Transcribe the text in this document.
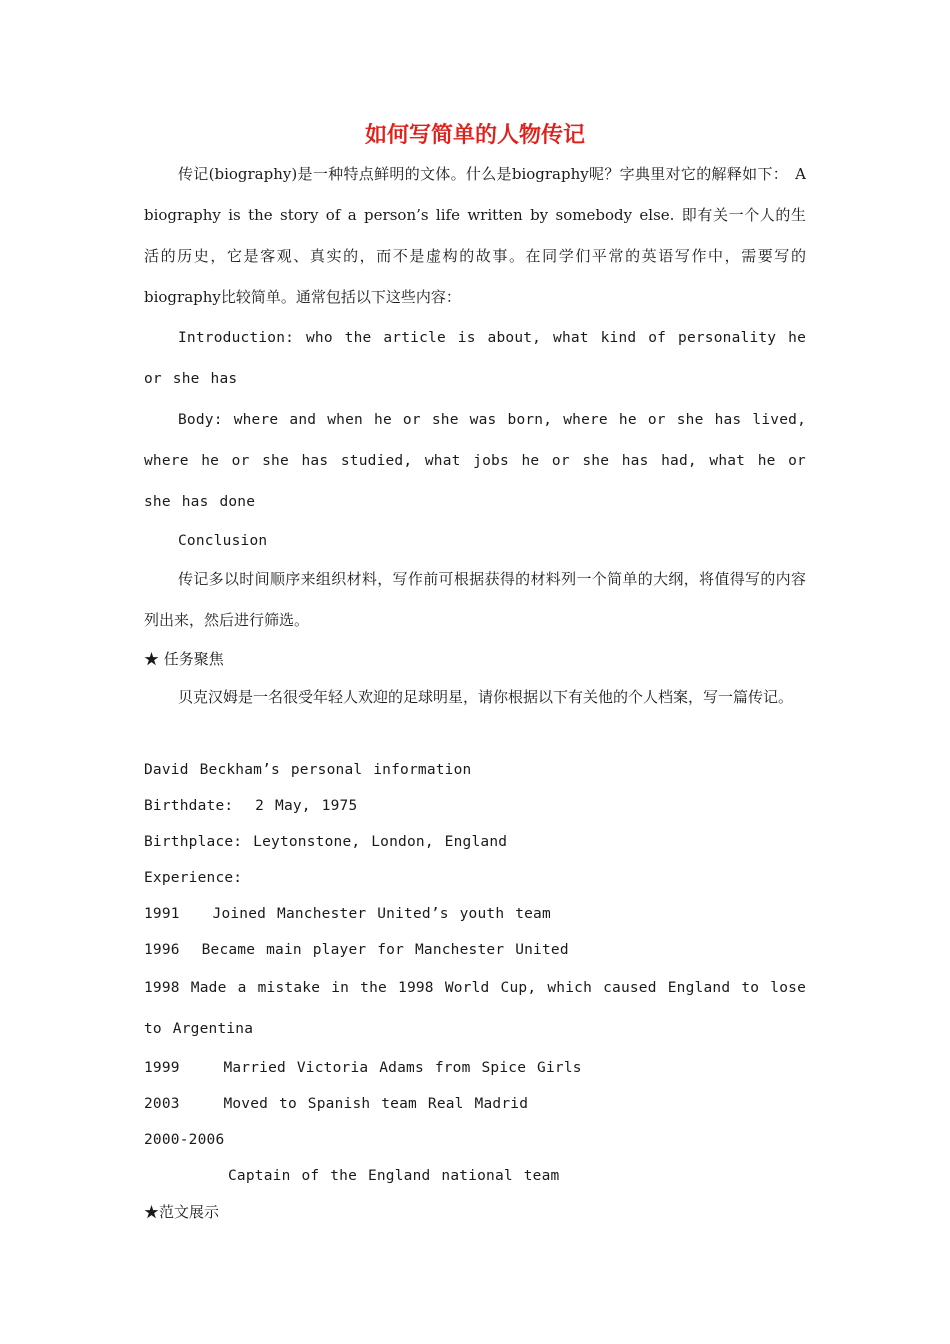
如何写简单的人物传记

传记(biography)是一种特点鲜明的文体。什么是biography呢？字典里对它的解释如下： A biography is the story of a person’s life written by somebody else. 即有关一个人的生活的历史，它是客观、真实的，而不是虚构的故事。在同学们平常的英语写作中，需要写的biography比较简单。通常包括以下这些内容：

Introduction: who the article is about, what kind of personality he or she has

Body: where and when he or she was born, where he or she has lived, where he or she has studied, what jobs he or she has had, what he or she has done

Conclusion

传记多以时间顺序来组织材料，写作前可根据获得的材料列一个简单的大纲，将值得写的内容列出来，然后进行筛选。

★ 任务聚焦

贝克汉姆是一名很受年轻人欢迎的足球明星，请你根据以下有关他的个人档案，写一篇传记。

David Beckham’s personal information

Birthdate:  2 May, 1975

Birthplace: Leytonstone, London, England

Experience:

1991   Joined Manchester United’s youth team

1996  Became main player for Manchester United

1998 Made a mistake in the 1998 World Cup, which caused England to lose to Argentina

1999    Married Victoria Adams from Spice Girls

2003    Moved to Spanish team Real Madrid

2000-2006

Captain of the England national team

★范文展示
